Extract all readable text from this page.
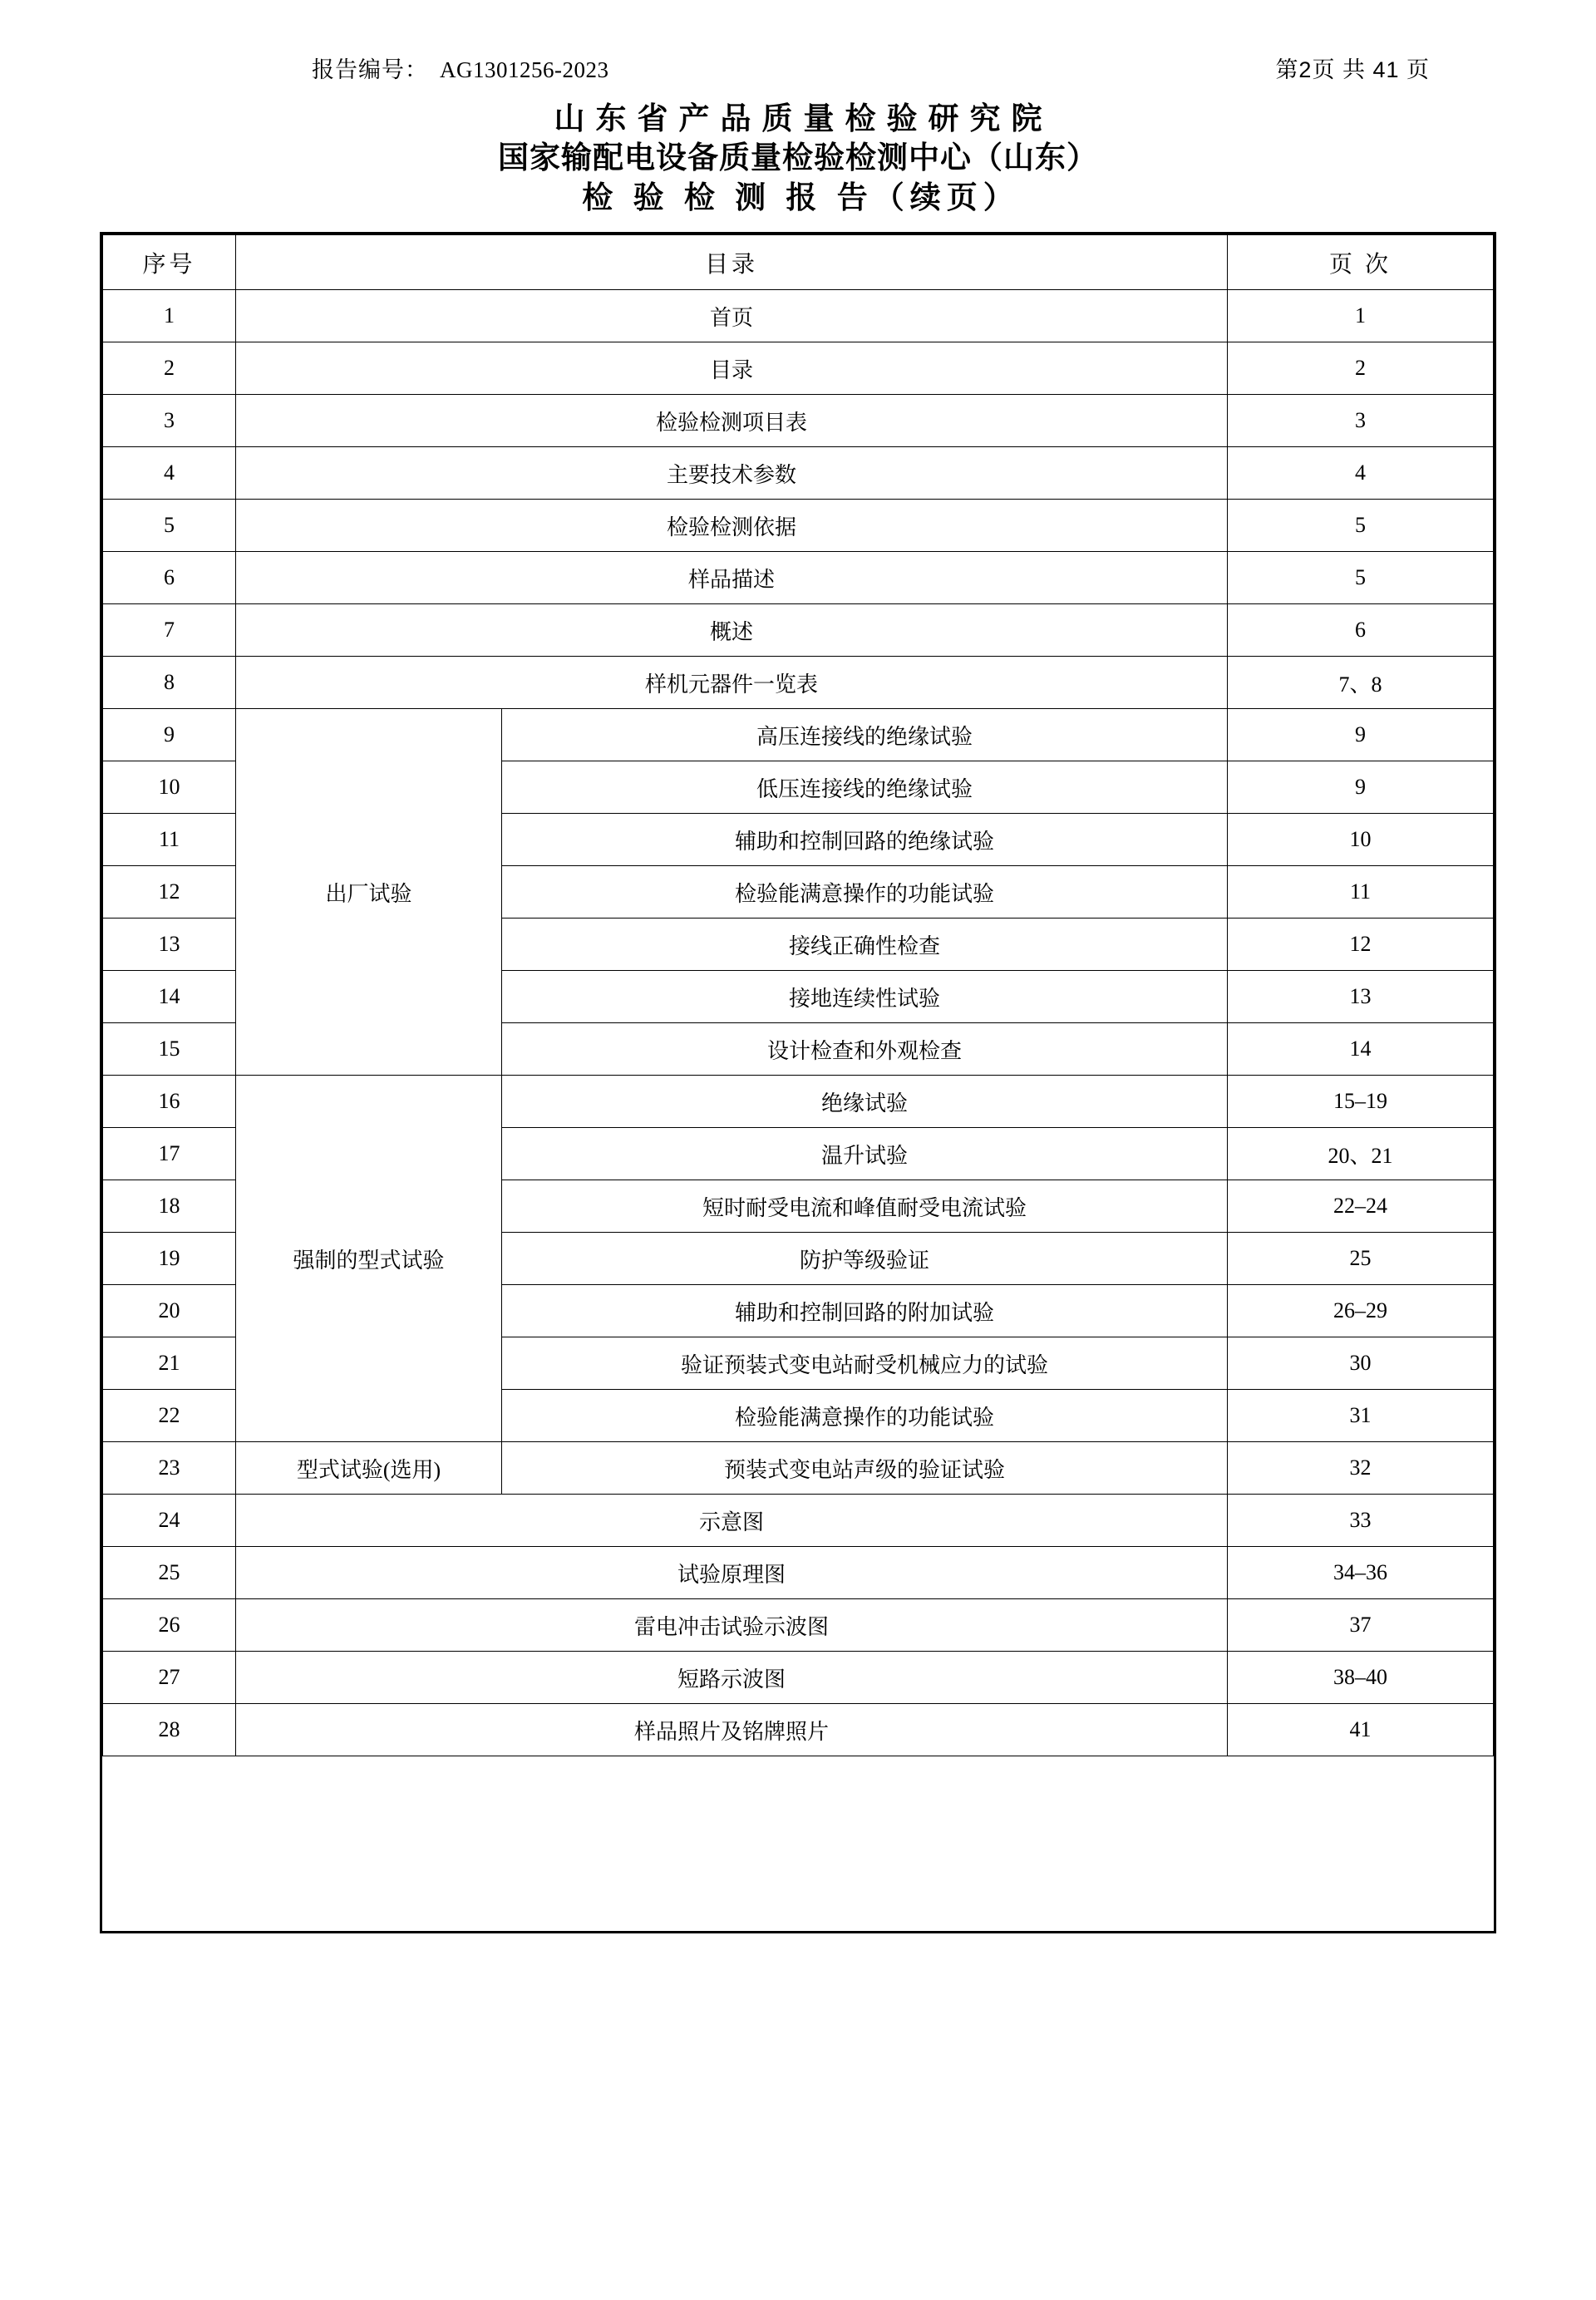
报告编号： AG1301256-2023	第2页 共 41 页
山东省产品质量检验研究院
国家输配电设备质量检验检测中心（山东）
检 验 检 测 报 告（续页）
序号	目录		页 次
1	首页		1
2	目录		2
3	检验检测项目表		3
4	主要技术参数		4
5	检验检测依据		5
6	样品描述		5
7	概述		6
8	样机元器件一览表		7、8
9	出厂试验	高压连接线的绝缘试验	9
10		低压连接线的绝缘试验	9
11		辅助和控制回路的绝缘试验	10
12		检验能满意操作的功能试验	11
13		接线正确性检查	12
14		接地连续性试验	13
15		设计检查和外观检查	14
16	强制的型式试验	绝缘试验	15–19
17		温升试验	20、21
18		短时耐受电流和峰值耐受电流试验	22–24
19		防护等级验证	25
20		辅助和控制回路的附加试验	26–29
21		验证预装式变电站耐受机械应力的试验	30
22		检验能满意操作的功能试验	31
23	型式试验(选用)	预装式变电站声级的验证试验	32
24	示意图		33
25	试验原理图		34–36
26	雷电冲击试验示波图		37
27	短路示波图		38–40
28	样品照片及铭牌照片		41
